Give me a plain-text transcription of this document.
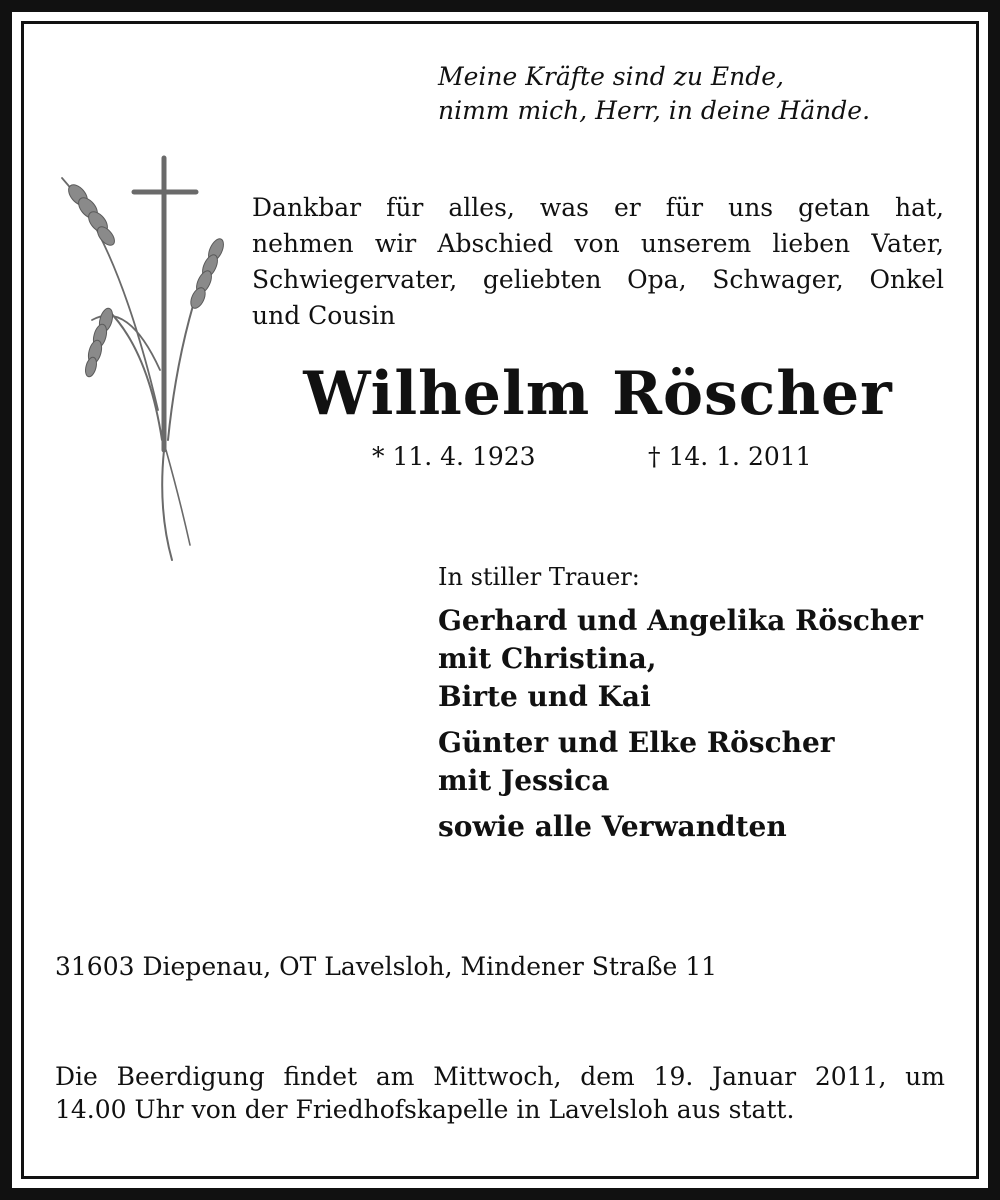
Meine Kräfte sind zu Ende,
nimm mich, Herr, in deine Hände.
Dankbar für alles, was er für uns getan hat,
nehmen wir Abschied von unserem lieben Vater,
Schwiegervater, geliebten Opa, Schwager, Onkel
und Cousin
Wilhelm Röscher
* 11. 4. 1923	† 14. 1. 2011
In stiller Trauer:
Gerhard und Angelika Röscher
mit Christina,
Birte und Kai
Günter und Elke Röscher
mit Jessica
sowie alle Verwandten
31603 Diepenau, OT Lavelsloh, Mindener Straße 11
Die Beerdigung findet am Mittwoch, dem 19. Januar 2011, um
14.00 Uhr von der Friedhofskapelle in Lavelsloh aus statt.
